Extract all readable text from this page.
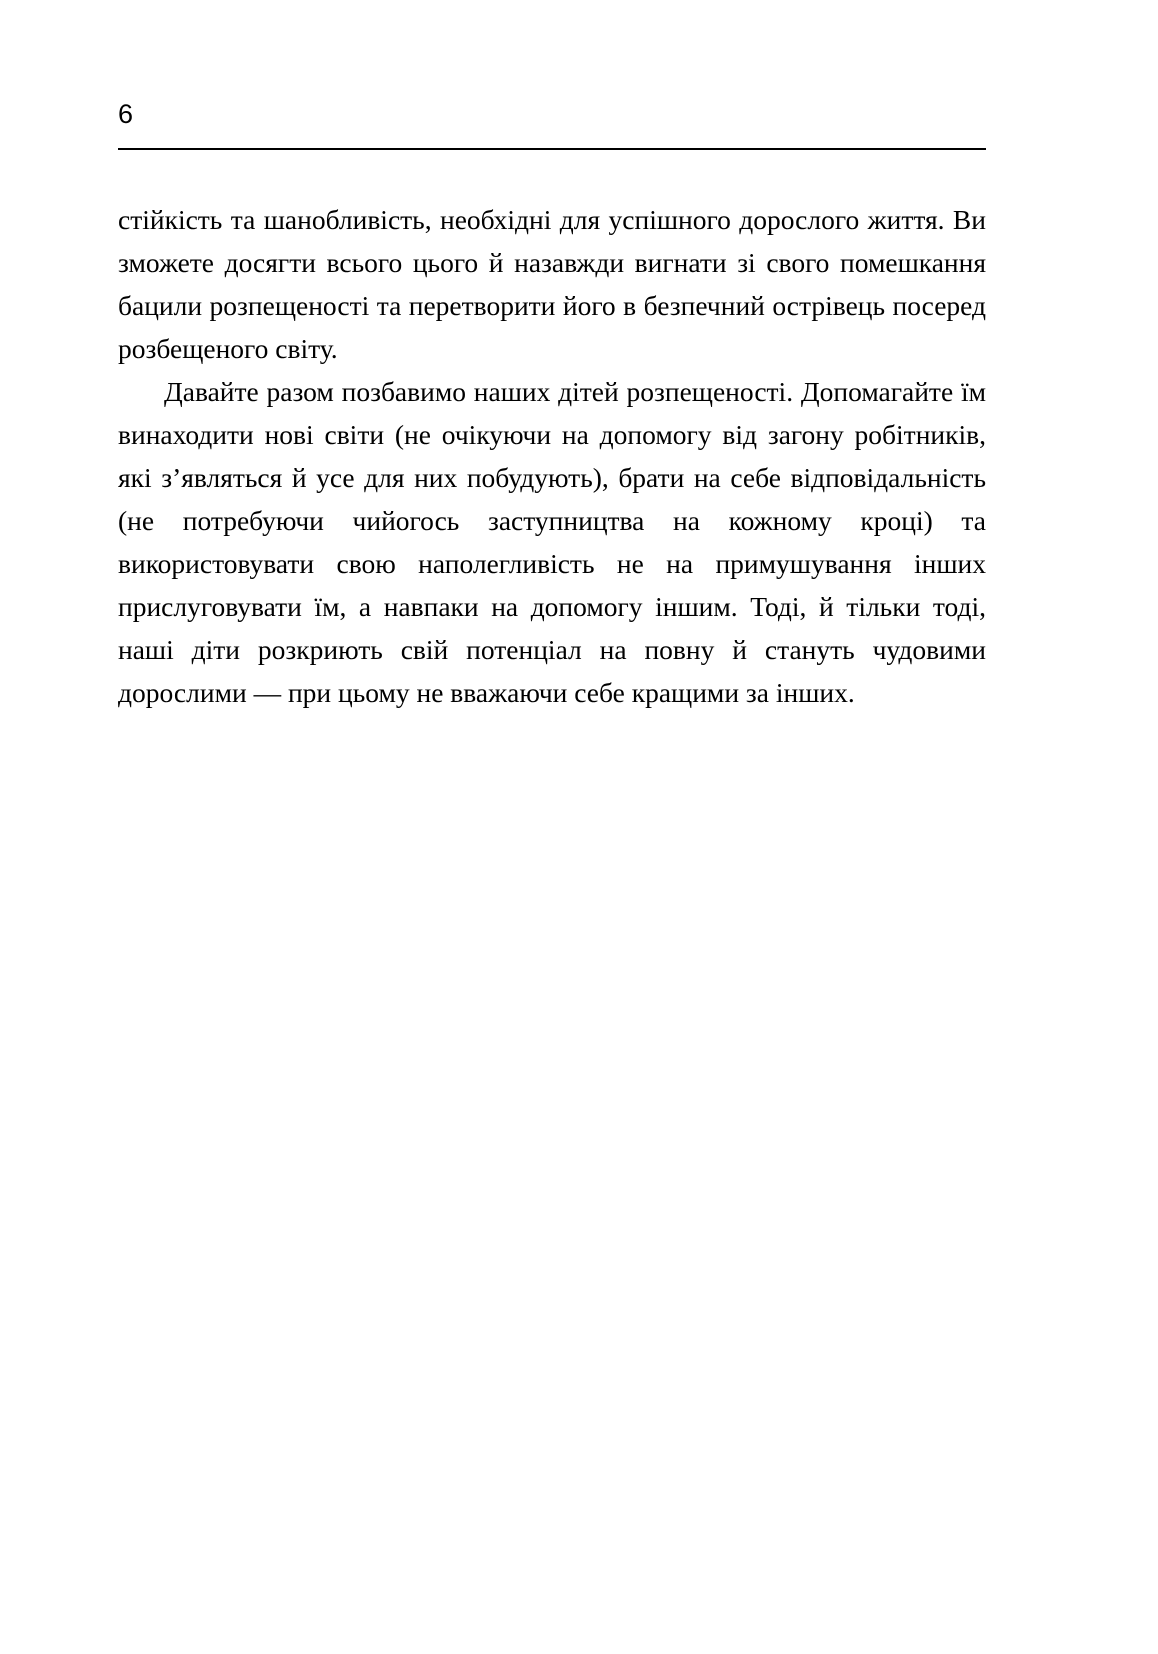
6

стійкість та шанобливість, необхідні для успішного дорослого життя. Ви зможете досягти всього цього й назавжди вигнати зі свого помешкання бацили розпещеності та перетворити його в безпечний острівець посеред розбещеного світу.

Давайте разом позбавимо наших дітей розпещеності. Допомагайте їм винаходити нові світи (не очікуючи на допомогу від загону робітників, які з’являться й усе для них побудують), брати на себе відповідальність (не потребуючи чийогось заступництва на кожному кроці) та використовувати свою наполегливість не на примушування інших прислуговувати їм, а навпаки на допомогу іншим. Тоді, й тільки тоді, наші діти розкриють свій потенціал на повну й стануть чудовими дорослими — при цьому не вважаючи себе кращими за інших.
